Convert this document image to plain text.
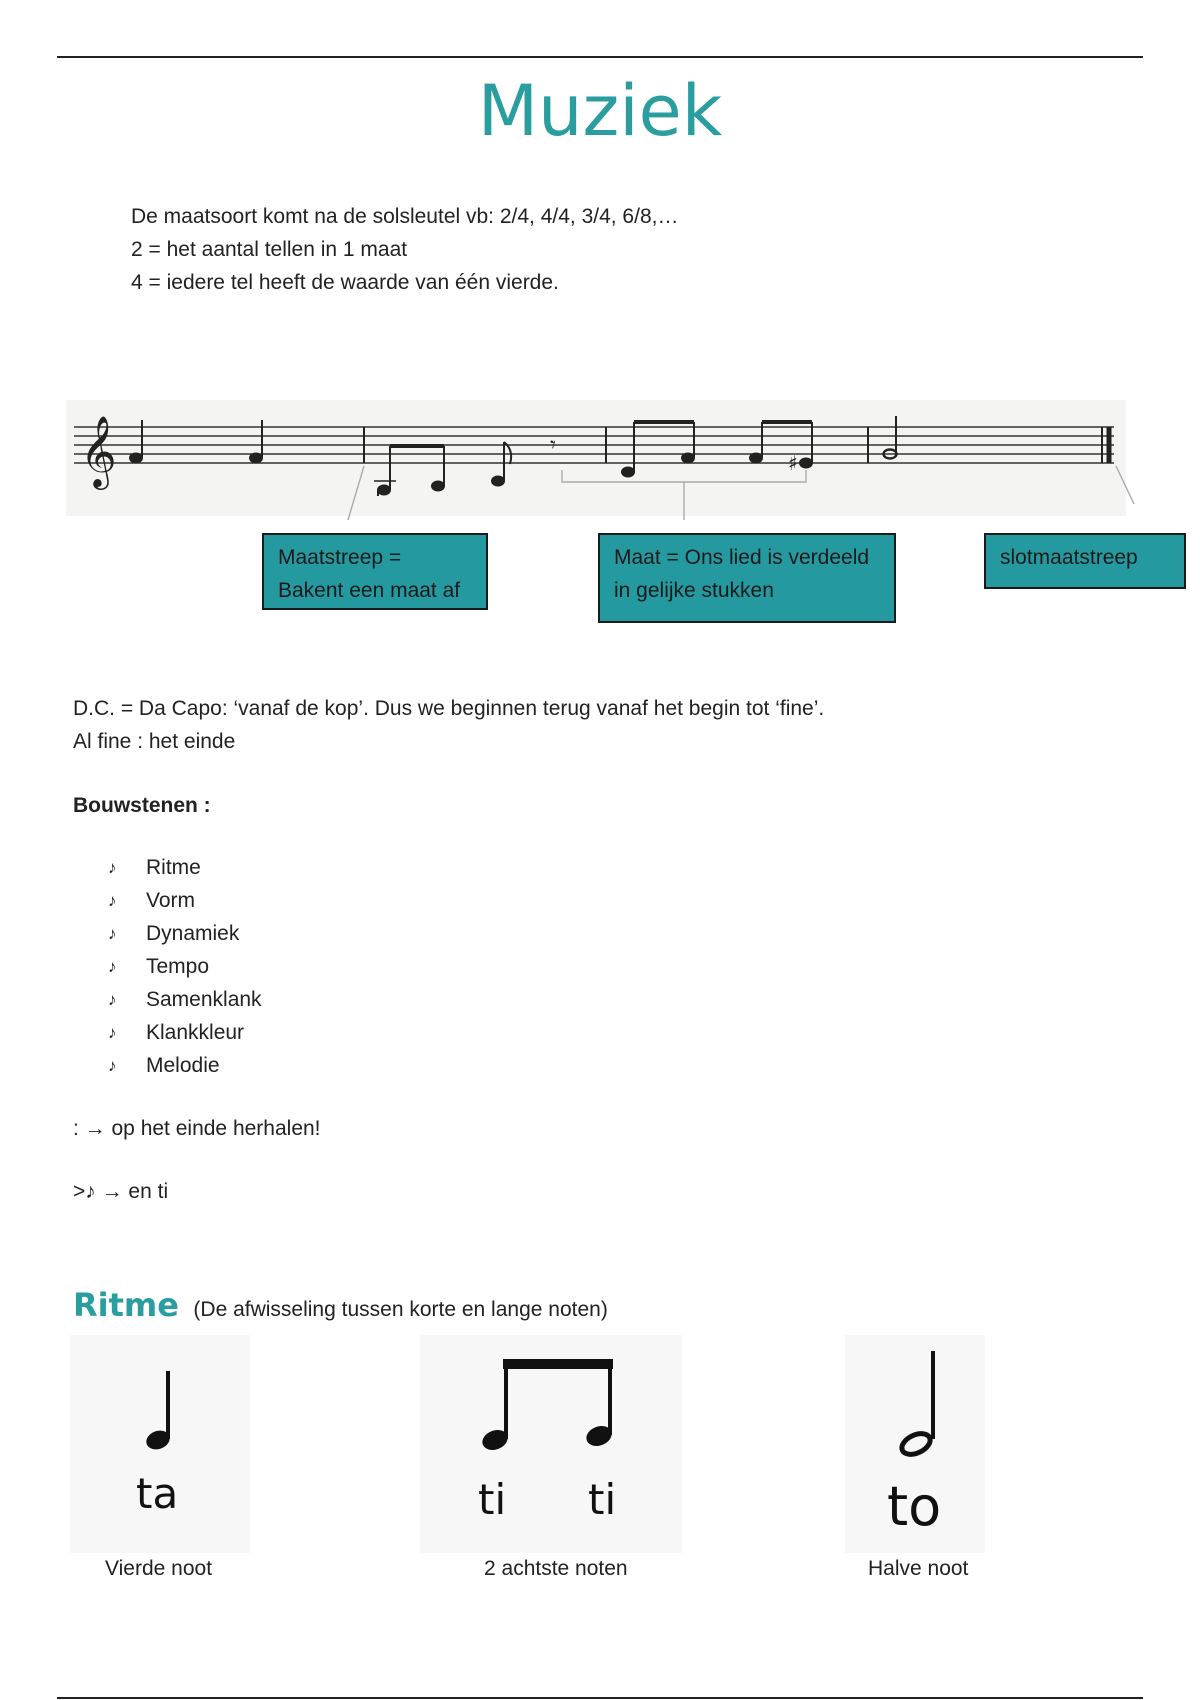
Muziek
De maatsoort komt na de solsleutel vb: 2/4, 4/4, 3/4, 6/8,…
2 = het aantal tellen in 1 maat
4 = iedere tel heeft de waarde van één vierde.
𝄞	𝄾
♯
Maatstreep =
Bakent een maat af
Maat = Ons lied is verdeeld
in gelijke stukken
slotmaatstreep
D.C. = Da Capo: ‘vanaf de kop’. Dus we beginnen terug vanaf het begin tot ‘fine’.
Al fine : het einde
Bouwstenen :
♪	Ritme
♪	Vorm
♪	Dynamiek
♪	Tempo
♪	Samenklank
♪	Klankkleur
♪	Melodie
: → op het einde herhalen!
>♪ → en ti
Ritme (De afwisseling tussen korte en lange noten)
ta	ti ti	to
Vierde noot	2 achtste noten	Halve noot
